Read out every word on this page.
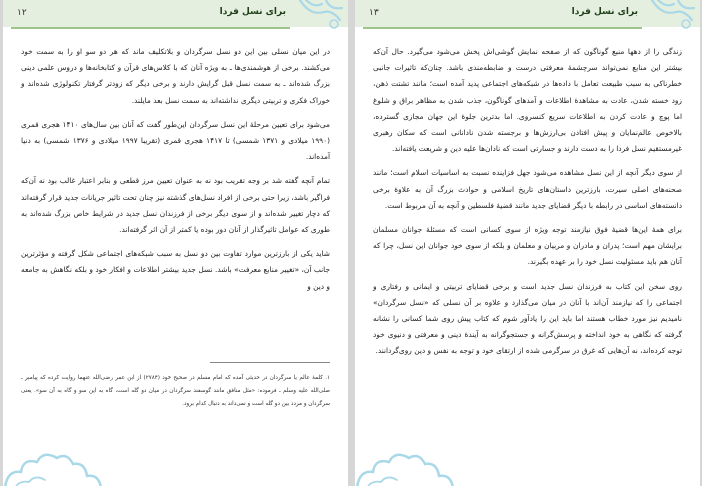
۱۲	برای نسل فردا

در این میان نسلی بین این دو نسل سرگردان و بلاتکلیف ماند که هر دو سو او را به سمت خود می‌کشند. برخی از هوشمندی‌ها ـ به ویژه آنان که با کلاس‌های قرآن و کتابخانه‌ها و دروس علمی دینی بزرگ شده‌اند ـ به سمت نسل قبل گرایش دارند و برخی دیگر که زودتر گرفتار تکنولوژی شده‌اند و خوراک فکری و تربیتی دیگری نداشته‌اند به سمت نسل بعد مایلند.

می‌شود برای تعیین مرحلهٔ این نسل سرگردان این‌طور گفت که آنان بین سال‌های ۱۴۱۰ هجری قمری (۱۹۹۰ میلادی و ۱۳۷۱ شمسی) تا ۱۴۱۷ هجری قمری (تقریبا ۱۹۹۷ میلادی و ۱۳۷۶ شمسی) به دنیا آمده‌اند.

تمام آنچه گفته شد بر وجه تقریب بود نه به عنوان تعیین مرز قطعی و بنابر اعتبار غالب بود نه آن‌که فراگیر باشد، زیرا حتی برخی از افراد نسل‌های گذشته نیز چنان تحت تاثیر جریانات جدید قرار گرفته‌اند که دچار تغییر شده‌اند و از سوی دیگر برخی از فرزندان نسل جدید در شرایط خاص بزرگ شده‌اند به طوری که عوامل تاثیرگذار از آنان دور بوده یا کمتر از آن اثر گرفته‌اند.

شاید یکی از بارزترین موارد تفاوت بین دو نسل به سبب شبکه‌های اجتماعی شکل گرفته و مؤثرترین جانب آن، «تغییر منابع معرفت» باشد. نسل جدید بیشتر اطلاعات و افکار خود و بلکه نگاهش به جامعه و دین و

۱. کلمهٔ عالم یا سرگردان در حدیثی آمده که امام مسلم در صحیح خود (۲۷۸۴) از ابن عمر رضی‌الله عنهما روایت کرده که پیامبر ـ صلی‌الله علیه وسلم ـ فرموده: «مثل منافق مانند گوسفند سرگردان در میان دو گله است، گاه به این سو و گاه به آن سو». یعنی سرگردان و مردد بین دو گله است و نمی‌داند به دنبال کدام برود.

۱۳	برای نسل فردا

زندگی را از دهها منبع گوناگون که از صفحه نمایش گوشی‌اش پخش می‌شود می‌گیرد. حال آن‌که بیشتر این منابع نمی‌تواند سرچشمهٔ معرفتی درست و ضابطه‌مندی باشد. چنان‌که تاثیرات جانبی خطرناکی به سبب طبیعت تعامل با داده‌ها در شبکه‌های اجتماعی پدید آمده است؛ مانند تشتت ذهن، زود خسته شدن، عادت به مشاهدهٔ اطلاعات و آمدهای گوناگون، جذب شدن به مظاهر براق و شلوغ اما پوچ و عادت کردن به اطلاعات سریع کنسروی. اما بدترین جلوهٔ این جهان مجازی گسترده، بالاخوص عالم‌نمایان و پیش افتادن بی‌ارزش‌ها و برجسته شدن نادانانی است که سکان رهبری غیرمستقیم نسل فردا را به دست دارند و جسارتی است که نادان‌ها علیه دین و شریعت یافته‌اند.

از سوی دیگر آنچه از این نسل مشاهده می‌شود جهل فزاینده نسبت به اساسیات اسلام است؛ مانند صحنه‌های اصلی سیرت، بارزترین داستان‌های تاریخ اسلامی و حوادث بزرگ آن به علاوهٔ برخی دانسته‌های اساسی در رابطه با دیگر قضایای جدید مانند قضیهٔ فلسطین و آنچه به آن مربوط است.

برای همهٔ این‌ها قضیهٔ فوق نیازمند توجه ویژه از سوی کسانی است که مسئلهٔ جوانان مسلمان برایشان مهم است؛ پدران و مادران و مربیان و معلمان و بلکه از سوی خود جوانان این نسل، چرا که آنان هم باید مسئولیت نسل خود را بر عهده بگیرند.

روی سخن این کتاب به فرزندان نسل جدید است و برخی قضایای تربیتی و ایمانی و رفتاری و اجتماعی را که نیازمند آن‌اند با آنان در میان می‌گذارد و علاوه بر آن نسلی که «نسل سرگردان» نامیدیم نیز مورد خطاب هستند اما باید این را یادآور شوم که کتاب پیش روی شما کسانی را نشانه گرفته که نگاهی به خود انداخته و پرسش‌گرانه و جستجوگرانه به آیندهٔ دینی و معرفتی و دنیوی خود توجه کرده‌اند، نه آن‌هایی که غرق در سرگرمی شده از ارتقای خود و توجه به نفس و دین روی‌گردانند.
